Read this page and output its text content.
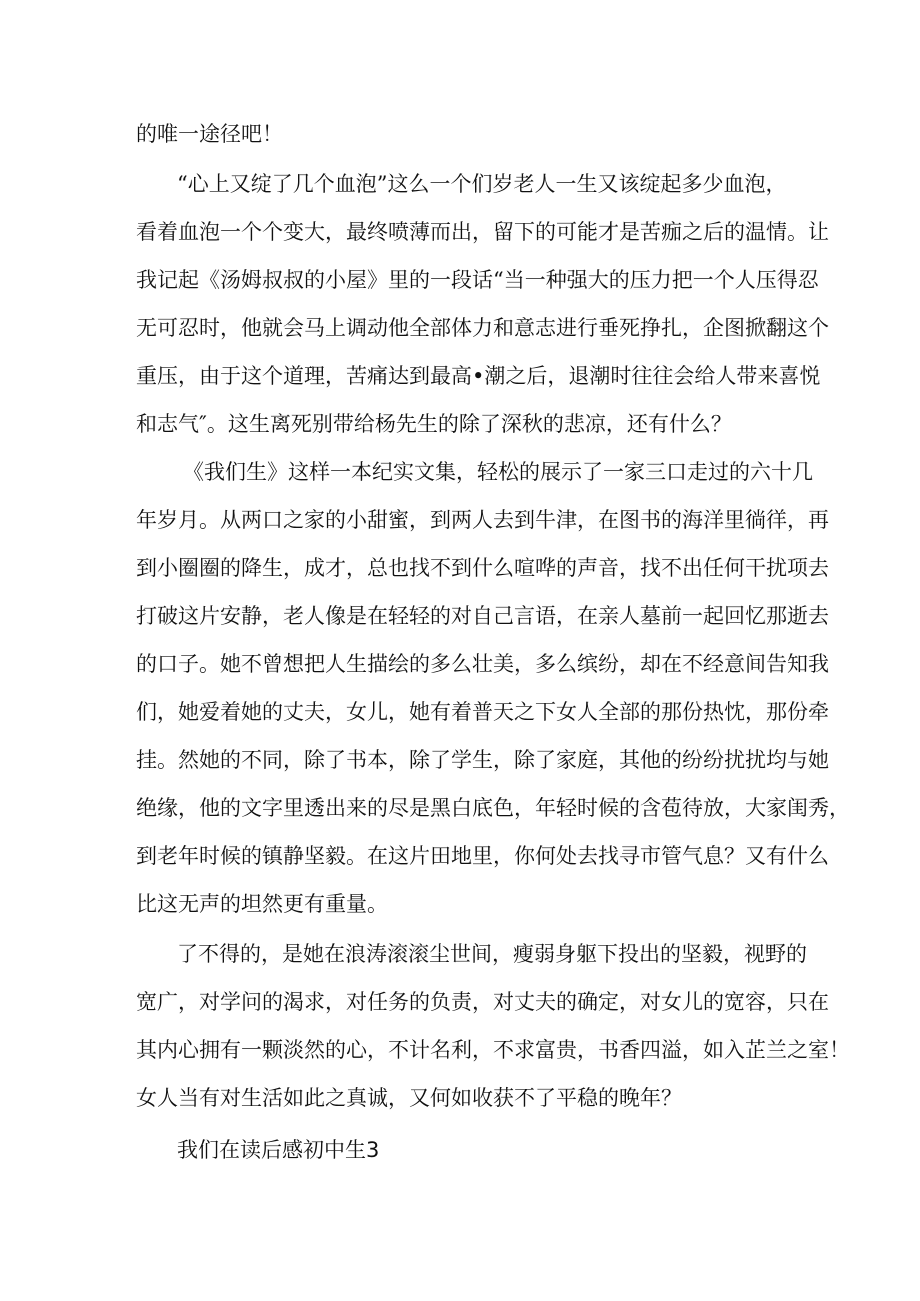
的唯一途径吧！
“心上又绽了几个血泡”这么一个们岁老人一生又该绽起多少血泡，
看着血泡一个个变大，最终喷薄而出，留下的可能才是苦痂之后的温情。让
我记起《汤姆叔叔的小屋》里的一段话“当一种强大的压力把一个人压得忍
无可忍时，他就会马上调动他全部体力和意志进行垂死挣扎，企图掀翻这个
重压，由于这个道理，苦痛达到最高•潮之后，退潮时往往会给人带来喜悦
和志气″。这生离死别带给杨先生的除了深秋的悲凉，还有什么？
《我们生》这样一本纪实文集，轻松的展示了一家三口走过的六十几
年岁月。从两口之家的小甜蜜，到两人去到牛津，在图书的海洋里徜徉，再
到小圈圈的降生，成才，总也找不到什么喧哗的声音，找不出任何干扰项去
打破这片安静，老人像是在轻轻的对自己言语，在亲人墓前一起回忆那逝去
的口子。她不曾想把人生描绘的多么壮美，多么缤纷，却在不经意间告知我
们，她爱着她的丈夫，女儿，她有着普天之下女人全部的那份热忱，那份牵
挂。然她的不同，除了书本，除了学生，除了家庭，其他的纷纷扰扰均与她
绝缘，他的文字里透出来的尽是黑白底色，年轻时候的含苞待放，大家闺秀，
到老年时候的镇静坚毅。在这片田地里，你何处去找寻市管气息？又有什么
比这无声的坦然更有重量。
了不得的，是她在浪涛滚滚尘世间，瘦弱身躯下投出的坚毅，视野的
宽广，对学问的渴求，对任务的负责，对丈夫的确定，对女儿的宽容，只在
其内心拥有一颗淡然的心，不计名利，不求富贵，书香四溢，如入芷兰之室！
女人当有对生活如此之真诚，又何如收获不了平稳的晚年？
我们在读后感初中生3
